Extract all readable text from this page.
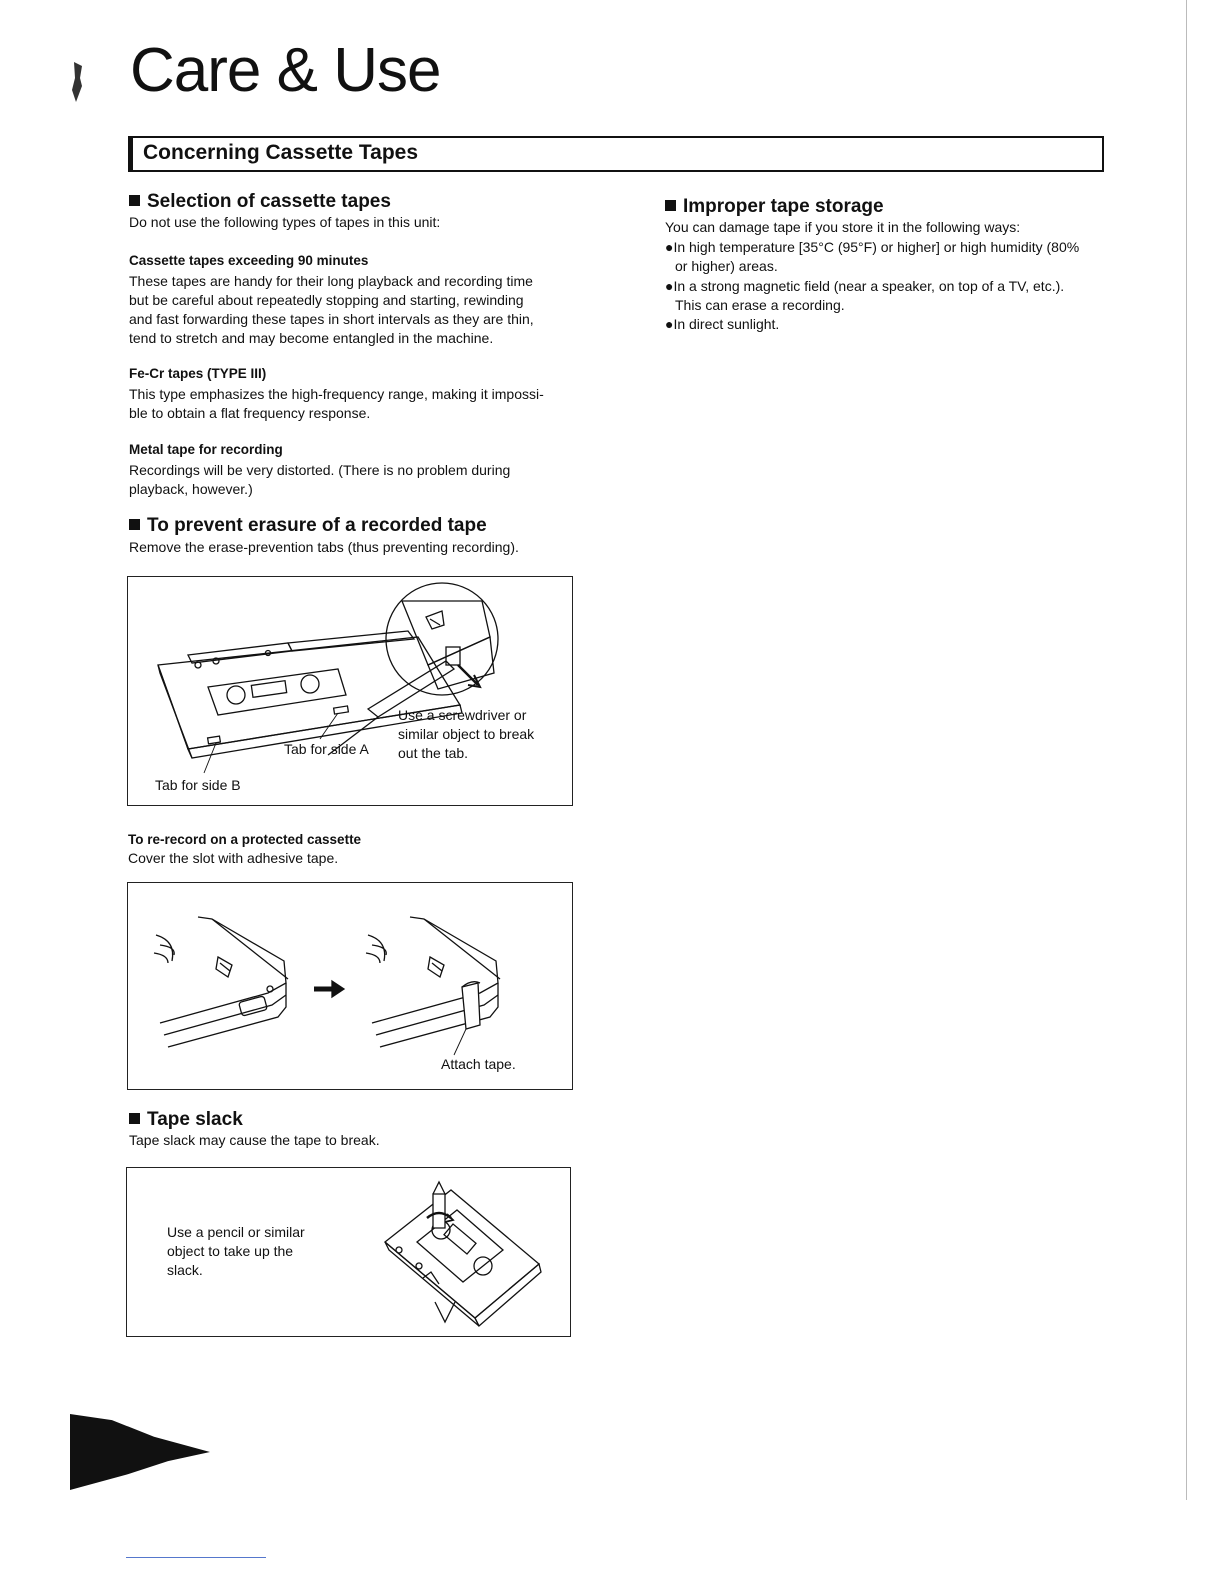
Care & Use
Concerning Cassette Tapes
Selection of cassette tapes
Do not use the following types of tapes in this unit:
Cassette tapes exceeding 90 minutes
These tapes are handy for their long playback and recording time
but be careful about repeatedly stopping and starting, rewinding
and fast forwarding these tapes in short intervals as they are thin,
tend to stretch and may become entangled in the machine.
Fe-Cr tapes (TYPE III)
This type emphasizes the high-frequency range, making it impossi-
ble to obtain a flat frequency response.
Metal tape for recording
Recordings will be very distorted. (There is no problem during
playback, however.)
To prevent erasure of a recorded tape
Remove the erase-prevention tabs (thus preventing recording).
Use a screwdriver or
similar object to break
out the tab.
Tab for side A
Tab for side B
To re-record on a protected cassette
Cover the slot with adhesive tape.
Attach tape.
Tape slack
Tape slack may cause the tape to break.
Use a pencil or similar
object to take up the
slack.
Improper tape storage
You can damage tape if you store it in the following ways:
●In high temperature [35°C (95°F) or higher] or high humidity (80%
or higher) areas.
●In a strong magnetic field (near a speaker, on top of a TV, etc.).
This can erase a recording.
●In direct sunlight.
